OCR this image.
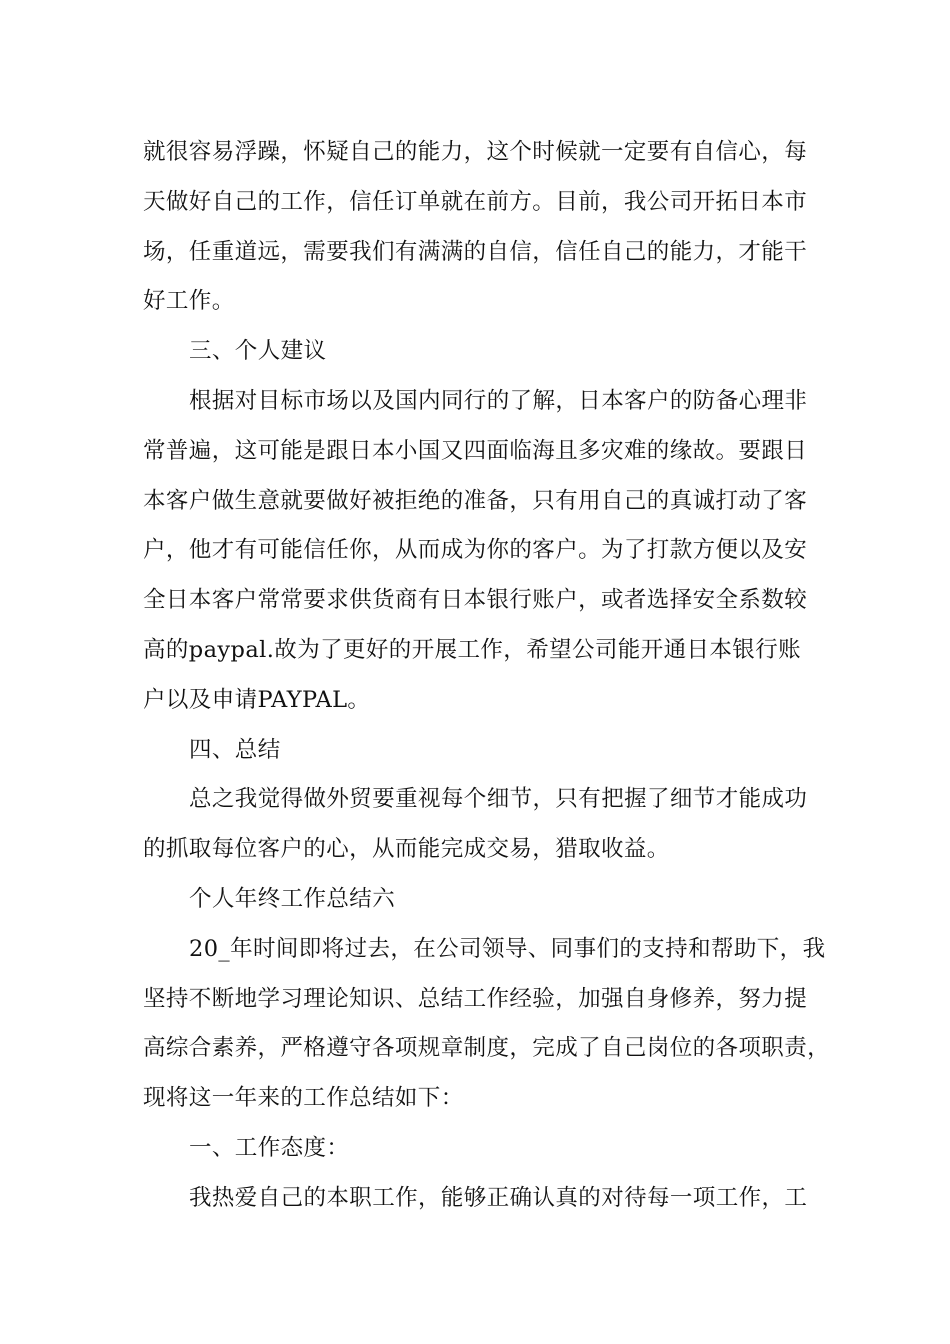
就很容易浮躁，怀疑自己的能力，这个时候就一定要有自信心，每
天做好自己的工作，信任订单就在前方。目前，我公司开拓日本市
场，任重道远，需要我们有满满的自信，信任自己的能力，才能干
好工作。
三、个人建议
根据对目标市场以及国内同行的了解，日本客户的防备心理非
常普遍，这可能是跟日本小国又四面临海且多灾难的缘故。要跟日
本客户做生意就要做好被拒绝的准备，只有用自己的真诚打动了客
户，他才有可能信任你，从而成为你的客户。为了打款方便以及安
全日本客户常常要求供货商有日本银行账户，或者选择安全系数较
高的paypal.故为了更好的开展工作，希望公司能开通日本银行账
户以及申请PAYPAL。
四、总结
总之我觉得做外贸要重视每个细节，只有把握了细节才能成功
的抓取每位客户的心，从而能完成交易，猎取收益。
个人年终工作总结六
20_年时间即将过去，在公司领导、同事们的支持和帮助下，我
坚持不断地学习理论知识、总结工作经验，加强自身修养，努力提
高综合素养，严格遵守各项规章制度，完成了自己岗位的各项职责，
现将这一年来的工作总结如下：
一、工作态度：
我热爱自己的本职工作，能够正确认真的对待每一项工作，工
